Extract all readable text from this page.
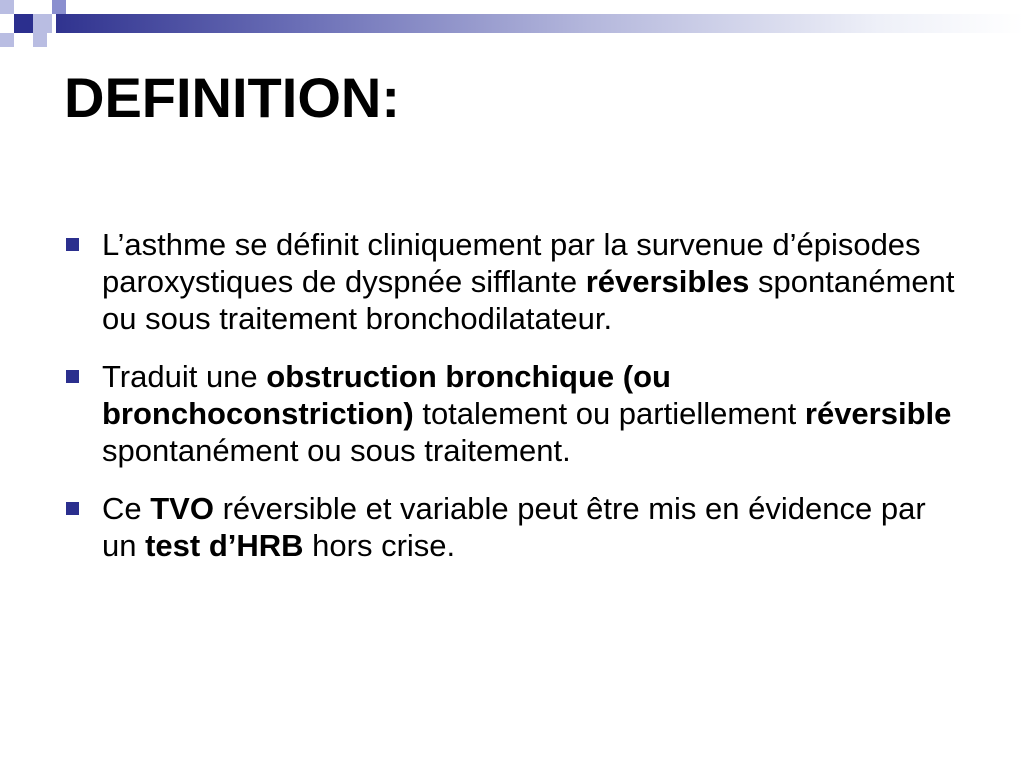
DEFINITION:
L’asthme se définit cliniquement par la survenue d’épisodes paroxystiques de dyspnée sifflante réversibles spontanément ou sous traitement bronchodilatateur.
Traduit une obstruction bronchique (ou bronchoconstriction) totalement ou partiellement réversible spontanément ou sous traitement.
Ce TVO réversible et variable peut être mis en évidence par un test d’HRB hors crise.
